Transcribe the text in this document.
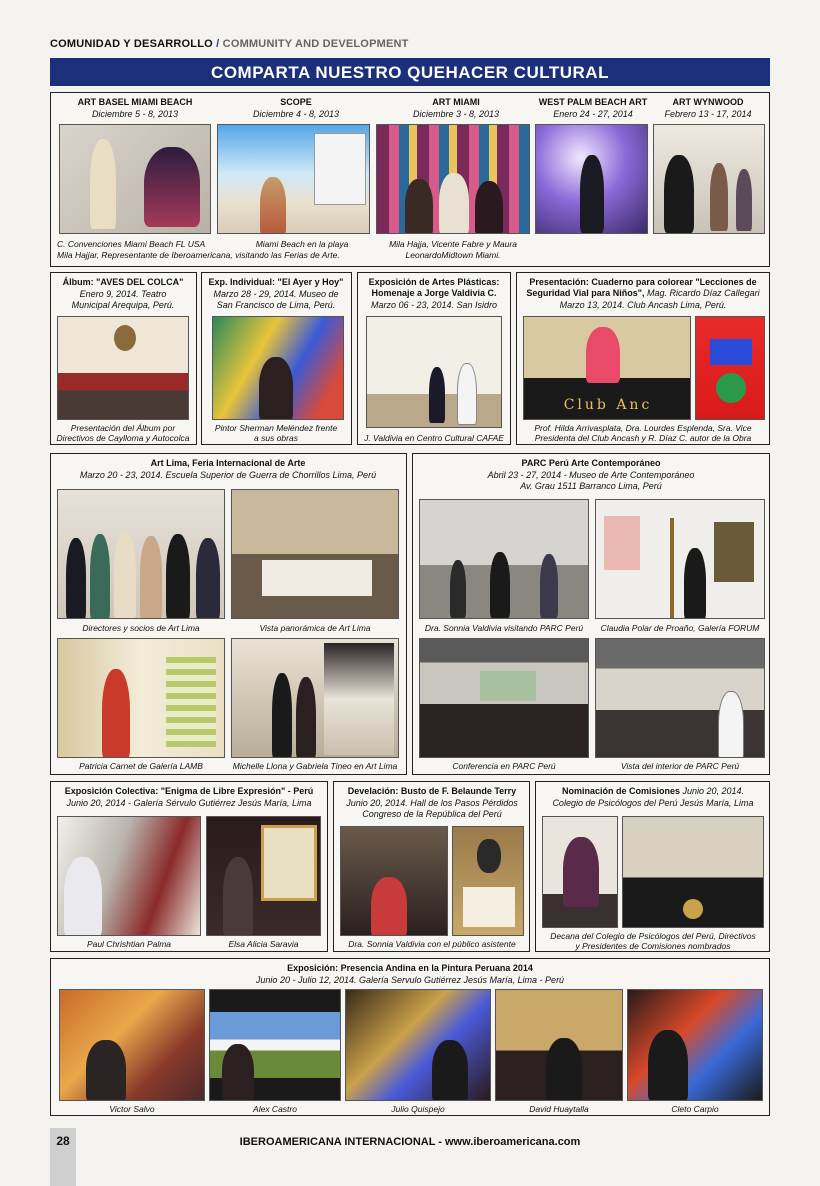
COMUNIDAD Y DESARROLLO / COMMUNITY AND DEVELOPMENT
COMPARTA NUESTRO QUEHACER CULTURAL
ART BASEL MIAMI BEACH
Diciembre 5 - 8, 2013
SCOPE
Diciembre 4 - 8, 2013
ART MIAMI
Diciembre 3 - 8, 2013
WEST PALM BEACH ART
Enero 24 - 27, 2014
ART WYNWOOD
Febrero 13 - 17, 2014
C. Convenciones Miami Beach FL USA	Miami Beach en la playa
Mila Hajjar, Representante de Iberoamericana, visitando las Ferias de Arte.
Mila Hajja, Vicente Fabre y Maura
LeonardoMidtown Miami.
Álbum: "AVES DEL COLCA"
Enero 9, 2014. Teatro
Municipal Arequipa, Perú.
Presentación del Álbum por
Directivos de Caylloma y Autocolca
Exp. Individual: "El Ayer y Hoy"
Marzo 28 - 29, 2014. Museo de
San Francisco de Lima, Perú.
Pintor Sherman Meléndez frente
a sus obras
Exposición de Artes Plásticas:
Homenaje a Jorge Valdivia C.
Marzo 06 - 23, 2014. San Isidro
J. Valdivia en Centro Cultural CAFAE
Presentación: Cuaderno para colorear "Lecciones de
Seguridad Vial para Niños", Mag. Ricardo Díaz Callegari
Marzo 13, 2014. Club Ancash Lima, Perú.
Club Anc
Prof. Hilda Arrivasplata, Dra. Lourdes Esplenda, Sra. Vice
Presidenta del Club Ancash y R. Díaz C. autor de la Obra
Art Lima, Feria Internacional de Arte
Marzo 20 - 23, 2014. Escuela Superior de Guerra de Chorrillos Lima, Perú
Directores y socios de Art Lima	Vista panorámica de Art Lima
Patricia Carnet de Galería LAMB	Michelle Llona y Gabriela Tineo en Art Lima
PARC Perú Arte Contemporáneo
Abril 23 - 27, 2014 - Museo de Arte Contemporáneo
Av. Grau 1511 Barranco Lima, Perú
Dra. Sonnia Valdivia visitando PARC Perú	Claudia Polar de Proaño, Galería FORUM
Conferencia en PARC Perú	Vista del interior de PARC Perú
Exposición Colectiva: "Enigma de Libre Expresión" - Perú
Junio 20, 2014 - Galería Sérvulo Gutiérrez Jesús María, Lima
Paul Chrishtian Palma	Elsa Alicia Saravia
Develación: Busto de F. Belaunde Terry
Junio 20, 2014. Hall de los Pasos Pérdidos
Congreso de la República del Perú
Dra. Sonnia Valdivia con el público asistente
Nominación de Comisiones Junio 20, 2014.
Colegio de Psicólogos del Perú Jesús María, Lima
Decana del Colegio de Psicólogos del Perú, Directivos
y Presidentes de Comisiones nombrados
Exposición: Presencia Andina en la Pintura Peruana 2014
Junio 20 - Julio 12, 2014. Galería Servulo Gutiérrez Jesús María, Lima - Perú
Victor Salvo	Alex Castro	Julio Quispejo	David Huaytalla	Cleto Carpio
28	IBEROAMERICANA INTERNACIONAL - www.iberoamericana.com
